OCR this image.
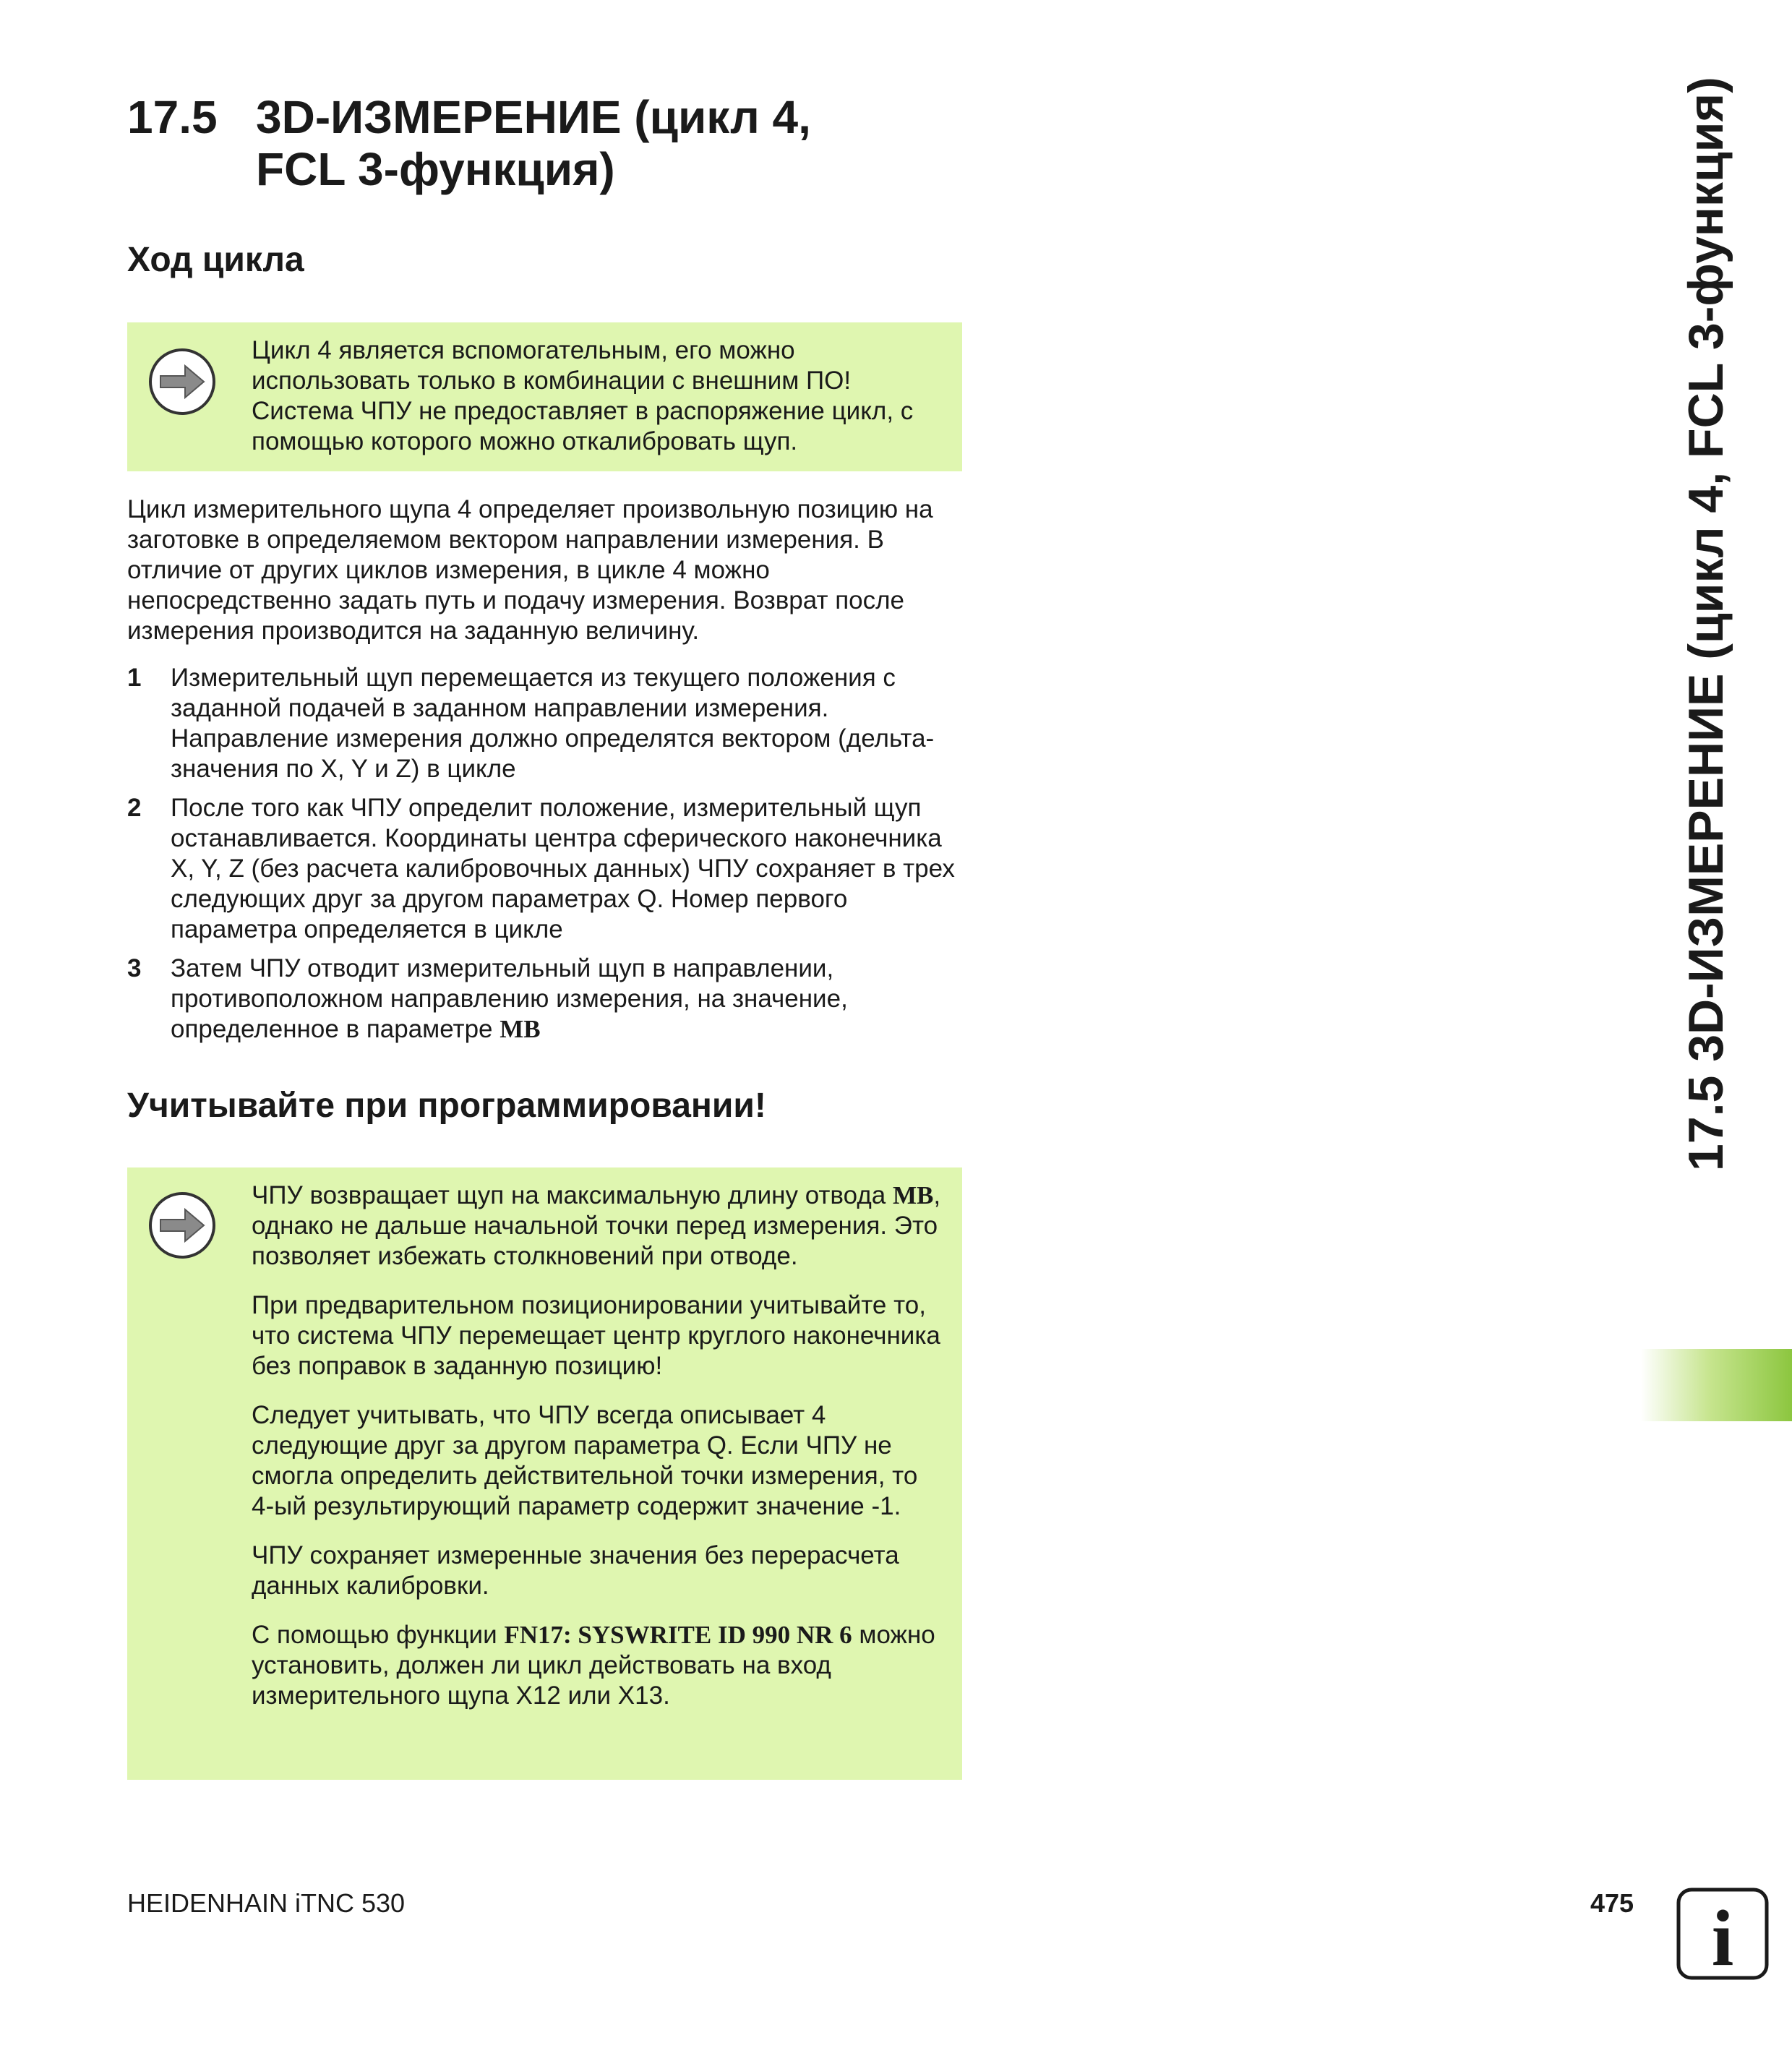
17.5 3D-ИЗМЕРЕНИЕ (цикл 4,
FCL 3-функция)
Ход цикла

Цикл 4 является вспомогательным, его можно использовать только в комбинации с внешним ПО! Система ЧПУ не предоставляет в распоряжение цикл, с помощью которого можно откалибровать щуп.

Цикл измерительного щупа 4 определяет произвольную позицию на заготовке в определяемом вектором направлении измерения. В отличие от других циклов измерения, в цикле 4 можно непосредственно задать путь и подачу измерения. Возврат после измерения производится на заданную величину.
1 Измерительный щуп перемещается из текущего положения с заданной подачей в заданном направлении измерения. Направление измерения должно определятся вектором (дельта-значения по X, Y и Z) в цикле
2 После того как ЧПУ определит положение, измерительный щуп останавливается. Координаты центра сферического наконечника X, Y, Z (без расчета калибровочных данных) ЧПУ сохраняет в трех следующих друг за другом параметрах Q. Номер первого параметра определяется в цикле
3 Затем ЧПУ отводит измерительный щуп в направлении, противоположном направлению измерения, на значение, определенное в параметре MB
Учитывайте при программировании!

ЧПУ возвращает щуп на максимальную длину отвода MB, однако не дальше начальной точки перед измерения. Это позволяет избежать столкновений при отводе.

При предварительном позиционировании учитывайте то, что система ЧПУ перемещает центр круглого наконечника без поправок в заданную позицию!

Следует учитывать, что ЧПУ всегда описывает 4 следующие друг за другом параметра Q. Если ЧПУ не смогла определить действительной точки измерения, то 4-ый результирующий параметр содержит значение -1.

ЧПУ сохраняет измеренные значения без перерасчета данных калибровки.

С помощью функции FN17: SYSWRITE ID 990 NR 6 можно установить, должен ли цикл действовать на вход измерительного щупа X12 или X13.

17.5 3D-ИЗМЕРЕНИЕ (цикл 4, FCL 3-функция)
HEIDENHAIN iTNC 530	475 i
